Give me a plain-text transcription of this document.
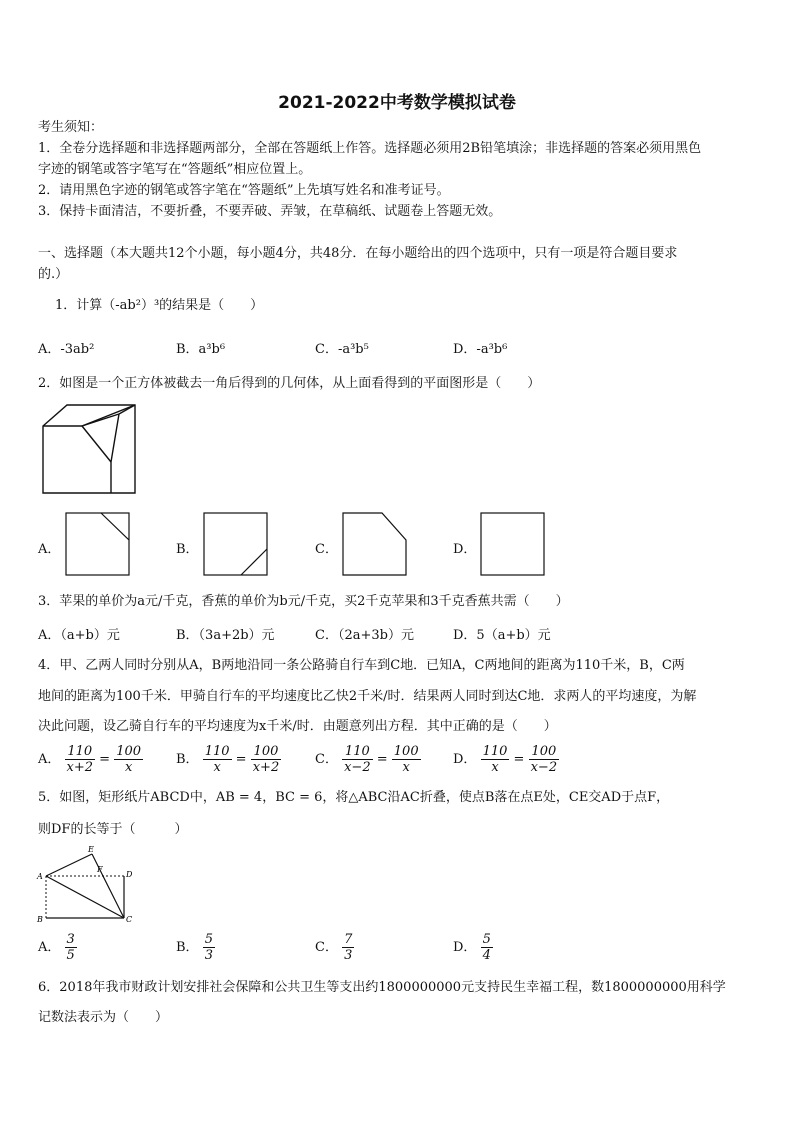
2021-2022中考数学模拟试卷
考生须知：
1．全卷分选择题和非选择题两部分，全部在答题纸上作答。选择题必须用2B铅笔填涂；非选择题的答案必须用黑色
字迹的钢笔或答字笔写在“答题纸”相应位置上。
2．请用黑色字迹的钢笔或答字笔在“答题纸”上先填写姓名和准考证号。
3．保持卡面清洁，不要折叠，不要弄破、弄皱，在草稿纸、试题卷上答题无效。
一、选择题（本大题共12个小题，每小题4分，共48分．在每小题给出的四个选项中，只有一项是符合题目要求
的.）
1．计算（-ab²）³的结果是（　　）
A．-3ab²	B．a³b⁶	C．-a³b⁵	D．-a³b⁶
2．如图是一个正方体被截去一角后得到的几何体，从上面看得到的平面图形是（　　）
A．	B．	C．	D．
3．苹果的单价为a元/千克，香蕉的单价为b元/千克，买2千克苹果和3千克香蕉共需（　　）
A．（a+b）元	B．（3a+2b）元	C．（2a+3b）元	D．5（a+b）元
4．甲、乙两人同时分别从A，B两地沿同一条公路骑自行车到C地．已知A，C两地间的距离为110千米，B，C两
地间的距离为100千米．甲骑自行车的平均速度比乙快2千米/时．结果两人同时到达C地．求两人的平均速度，为解
决此问题，设乙骑自行车的平均速度为x千米/时．由题意列出方程．其中正确的是（　　）
A． $\frac{110}{x+2} = \frac{100}{x}$	B． $\frac{110}{x} = \frac{100}{x+2}$	C． $\frac{110}{x-2} = \frac{100}{x}$ D． $\frac{110}{x} = \frac{100}{x-2}$
5．如图，矩形纸片ABCD中，AB = 4，BC = 6，将△ABC沿AC折叠，使点B落在点E处，CE交AD于点F，
则DF的长等于（　　　）
A
B	C
D
E
F
A． $\frac{3}{5}$	B． $\frac{5}{3}$	C． $\frac{7}{3}$	D． $\frac{5}{4}$
6．2018年我市财政计划安排社会保障和公共卫生等支出约1800000000元支持民生幸福工程，数1800000000用科学
记数法表示为（　　）
